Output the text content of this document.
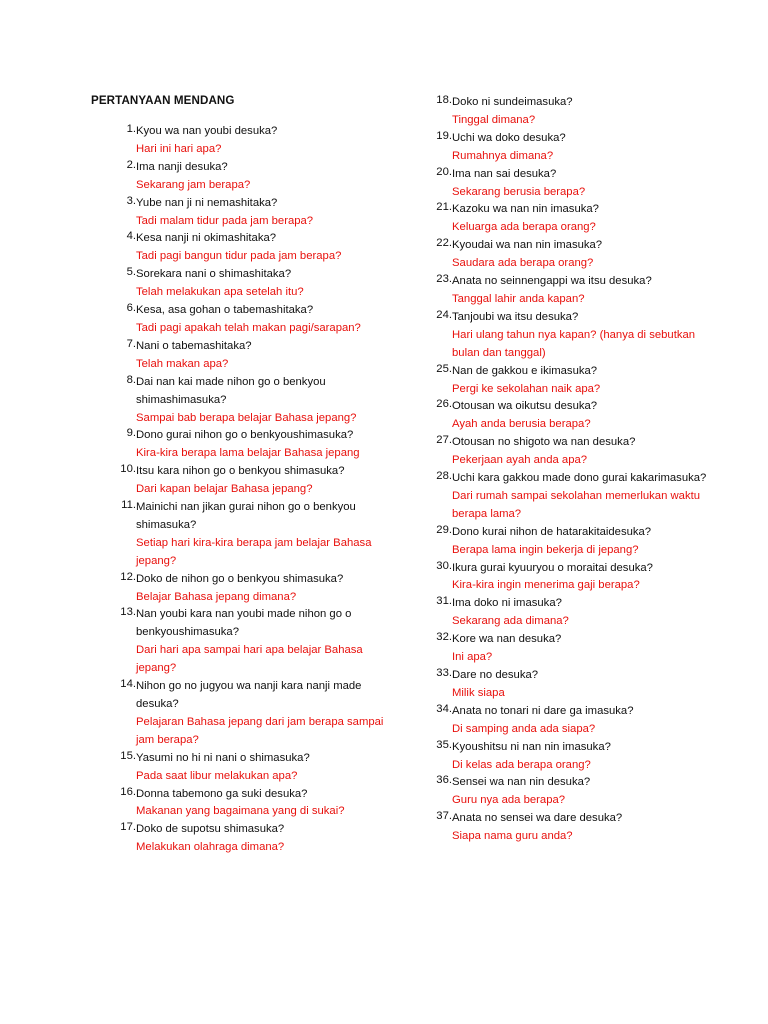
PERTANYAAN MENDANG
1. Kyou wa nan youbi desuka?
Hari ini hari apa?
2. Ima nanji desuka?
Sekarang jam berapa?
3. Yube nan ji ni nemashitaka?
Tadi malam tidur pada jam berapa?
4. Kesa nanji ni okimashitaka?
Tadi pagi bangun tidur pada jam berapa?
5. Sorekara nani o shimashitaka?
Telah melakukan apa setelah itu?
6. Kesa, asa gohan o tabemashitaka?
Tadi pagi apakah telah makan pagi/sarapan?
7. Nani o tabemashitaka?
Telah makan apa?
8. Dai nan kai made nihon go o benkyou shimashimasuka?
Sampai bab berapa belajar Bahasa jepang?
9. Dono gurai nihon go o benkyoushimasuka?
Kira-kira berapa lama belajar Bahasa jepang
10. Itsu kara nihon go o benkyou shimasuka?
Dari kapan belajar Bahasa jepang?
11. Mainichi nan jikan gurai nihon go o benkyou shimasuka?
Setiap hari kira-kira berapa jam belajar Bahasa jepang?
12. Doko de nihon go o benkyou shimasuka?
Belajar Bahasa jepang dimana?
13. Nan youbi kara nan youbi made nihon go o benkyoushimasuka?
Dari hari apa sampai hari apa belajar Bahasa jepang?
14. Nihon go no jugyou wa nanji kara nanji made desuka?
Pelajaran Bahasa jepang dari jam berapa sampai jam berapa?
15. Yasumi no hi ni nani o shimasuka?
Pada saat libur melakukan apa?
16. Donna tabemono ga suki desuka?
Makanan yang bagaimana yang di sukai?
17. Doko de supotsu shimasuka?
Melakukan olahraga dimana?
18. Doko ni sundeimasuka?
Tinggal dimana?
19. Uchi wa doko desuka?
Rumahnya dimana?
20. Ima nan sai desuka?
Sekarang berusia berapa?
21. Kazoku wa nan nin imasuka?
Keluarga ada berapa orang?
22. Kyoudai wa nan nin imasuka?
Saudara ada berapa orang?
23. Anata no seinnengappi wa itsu desuka?
Tanggal lahir anda kapan?
24. Tanjoubi wa itsu desuka?
Hari ulang tahun nya kapan? (hanya di sebutkan bulan dan tanggal)
25. Nan de gakkou e ikimasuka?
Pergi ke sekolahan naik apa?
26. Otousan wa oikutsu desuka?
Ayah anda berusia berapa?
27. Otousan no shigoto wa nan desuka?
Pekerjaan ayah anda apa?
28. Uchi kara gakkou made dono gurai kakarimasuka?
Dari rumah sampai sekolahan memerlukan waktu berapa lama?
29. Dono kurai nihon de hatarakitaidesuka?
Berapa lama ingin bekerja di jepang?
30. Ikura gurai kyuuryou o moraitai desuka?
Kira-kira ingin menerima gaji berapa?
31. Ima doko ni imasuka?
Sekarang ada dimana?
32. Kore wa nan desuka?
Ini apa?
33. Dare no desuka?
Milik siapa
34. Anata no tonari ni dare ga imasuka?
Di samping anda ada siapa?
35. Kyoushitsu ni nan nin imasuka?
Di kelas ada berapa orang?
36. Sensei wa nan nin desuka?
Guru nya ada berapa?
37. Anata no sensei wa dare desuka?
Siapa nama guru anda?
